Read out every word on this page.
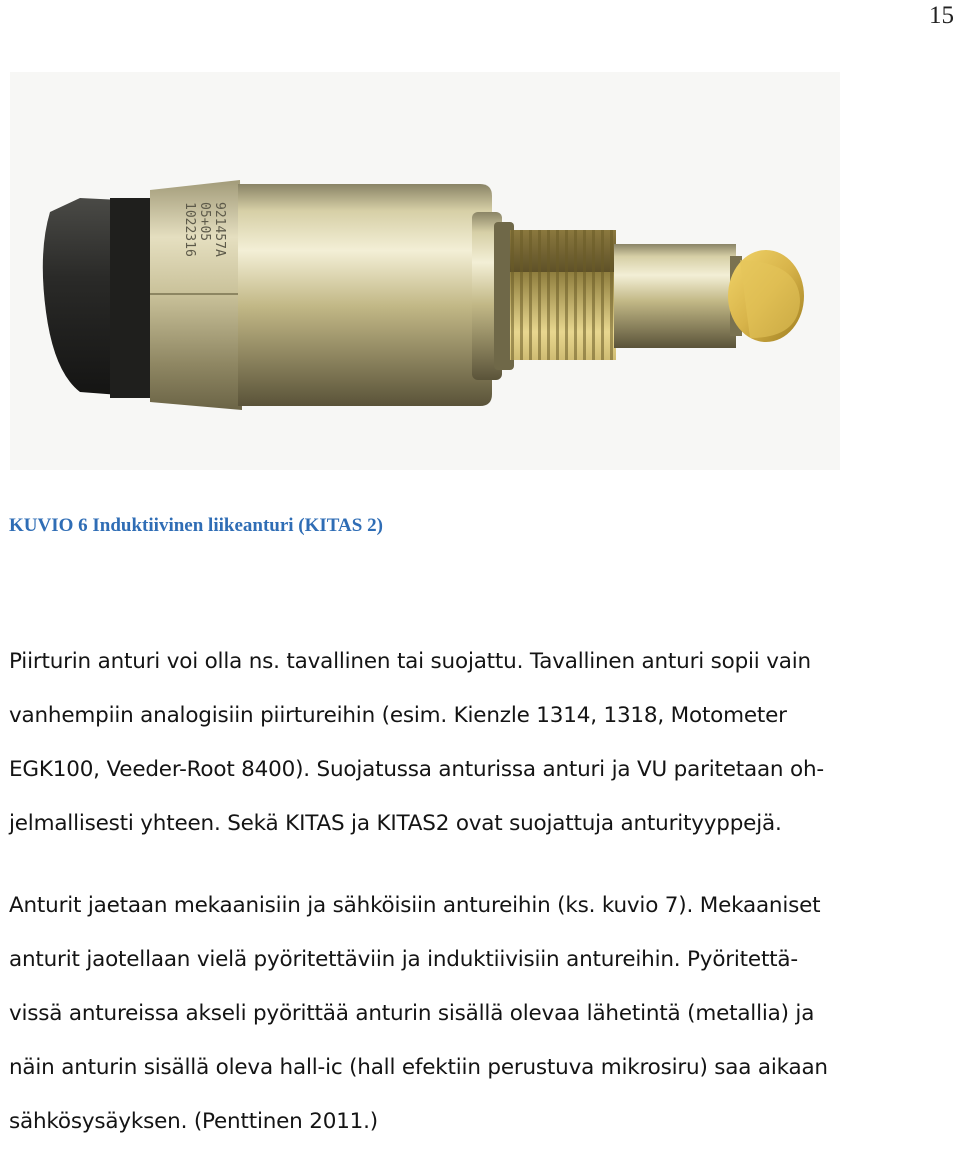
15
1022316 05+05 921457A
KUVIO 6 Induktiivinen liikeanturi (KITAS 2)

Piirturin anturi voi olla ns. tavallinen tai suojattu. Tavallinen anturi sopii vain
vanhempiin analogisiin piirtureihin (esim. Kienzle 1314, 1318, Motometer
EGK100, Veeder-Root 8400). Suojatussa anturissa anturi ja VU paritetaan oh-
jelmallisesti yhteen. Sekä KITAS ja KITAS2 ovat suojattuja anturityyppejä.

Anturit jaetaan mekaanisiin ja sähköisiin antureihin (ks. kuvio 7). Mekaaniset
anturit jaotellaan vielä pyöritettäviin ja induktiivisiin antureihin. Pyöritettä-
vissä antureissa akseli pyörittää anturin sisällä olevaa lähetintä (metallia) ja
näin anturin sisällä oleva hall-ic (hall efektiin perustuva mikrosiru) saa aikaan
sähkösysäyksen. (Penttinen 2011.)
